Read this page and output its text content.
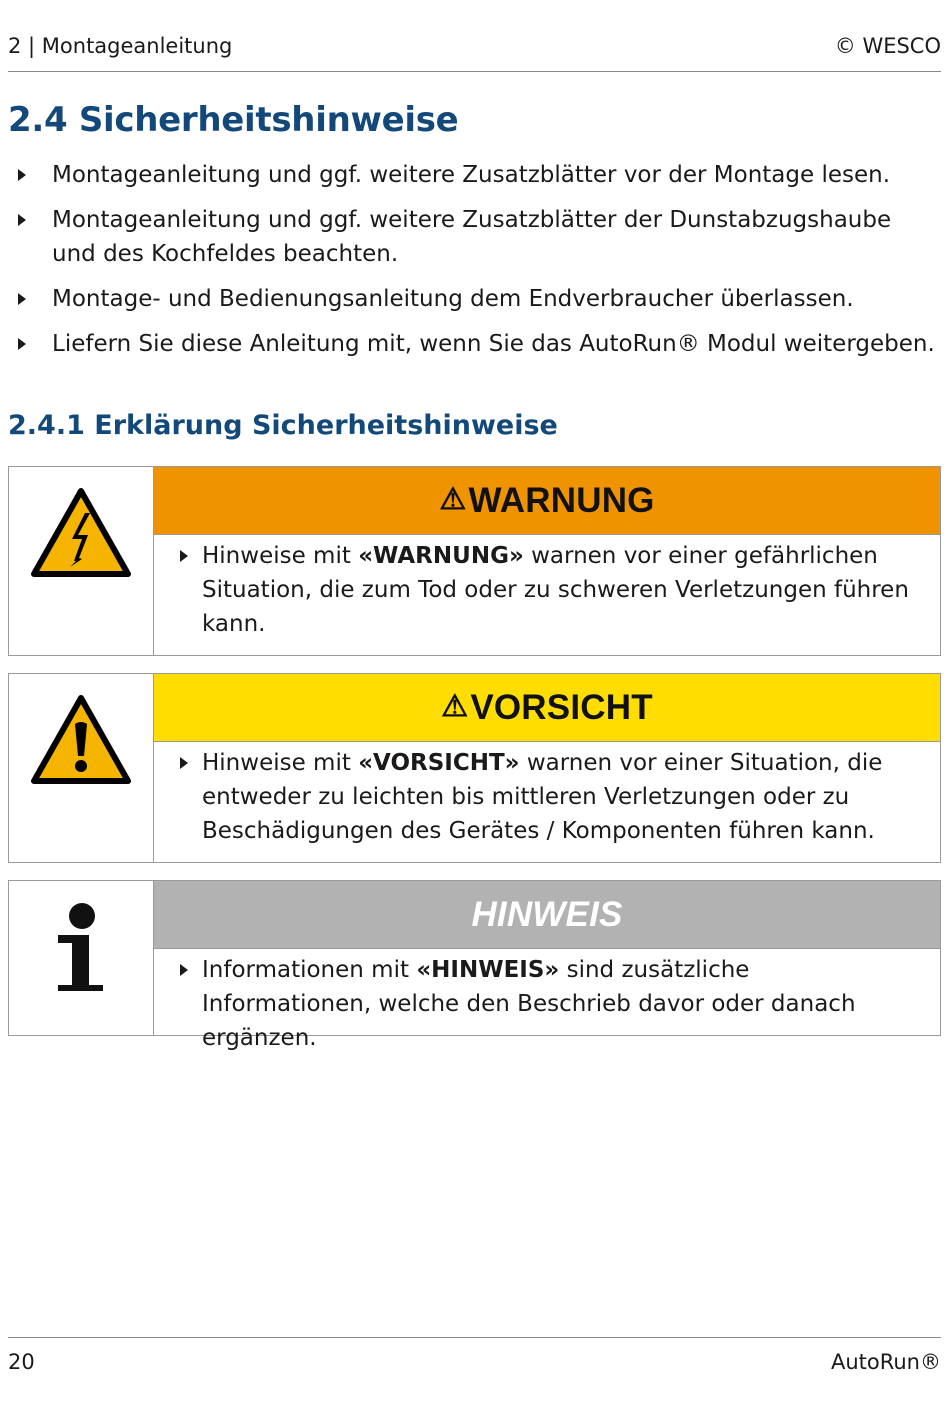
2 | Montageanleitung	© WESCO
2.4 Sicherheitshinweise
Montageanleitung und ggf. weitere Zusatzblätter vor der Montage lesen.
Montageanleitung und ggf. weitere Zusatzblätter der Dunstabzugshaube und des Kochfeldes beachten.
Montage- und Bedienungsanleitung dem Endverbraucher überlassen.
Liefern Sie diese Anleitung mit, wenn Sie das AutoRun® Modul weitergeben.
2.4.1 Erklärung Sicherheitshinweise
⚠ WARNUNG
Hinweise mit «WARNUNG» warnen vor einer gefährlichen Situation, die zum Tod oder zu schweren Verletzungen führen kann.
⚠ VORSICHT
Hinweise mit «VORSICHT» warnen vor einer Situation, die entweder zu leichten bis mittleren Verletzungen oder zu Beschädigungen des Gerätes / Komponenten führen kann.
HINWEIS
Informationen mit «HINWEIS» sind zusätzliche Informationen, welche den Beschrieb davor oder danach ergänzen.
20	AutoRun®
